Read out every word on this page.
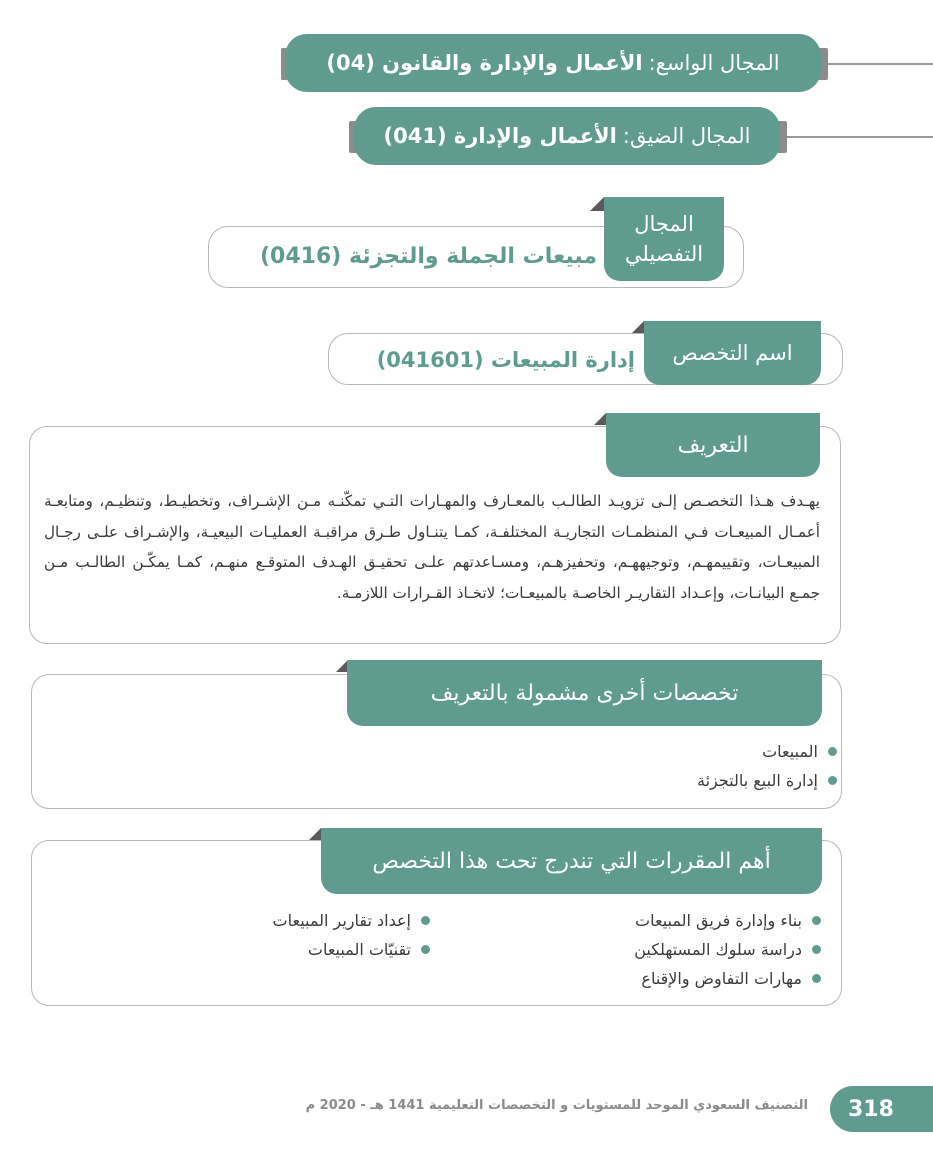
المجال الواسع:
الأعمال والإدارة والقانون (04)
المجال الضيق:
الأعمال والإدارة (041)
المجال
التفصيلي
مبيعات الجملة والتجزئة (0416)
اسم التخصص
إدارة المبيعات (041601)
التعريف
يهـدف هـذا التخصـص إلـى تزويـد الطالـب بالمعـارف والمهـارات التـي تمكّنـه مـن الإشـراف، وتخطيـط، وتنظيـم، ومتابعـة أعمـال المبيعـات فـي المنظمـات التجاريـة المختلفـة، كمـا يتنـاول طـرق مراقبـة العمليـات البيعيـة، والإشـراف علـى رجـال المبيعـات، وتقييمهـم، وتوجيههـم، وتحفيزهـم، ومسـاعدتهم علـى تحقيـق الهـدف المتوقـع منهـم، كمـا يمكّـن الطالـب مـن جمـع البيانـات، وإعـداد التقاريـر الخاصـة بالمبيعـات؛ لاتخـاذ القـرارات اللازمـة.
تخصصات أخرى مشمولة بالتعريف
المبيعات
إدارة البيع بالتجزئة
أهم المقررات التي تندرج تحت هذا التخصص
بناء وإدارة فريق المبيعات
دراسة سلوك المستهلكين
مهارات التفاوض والإقناع
إعداد تقارير المبيعات
تقنيّات المبيعات
التصنيف السعودي الموحد للمستويات و التخصصات التعليمية 1441 هـ - 2020 م 318
